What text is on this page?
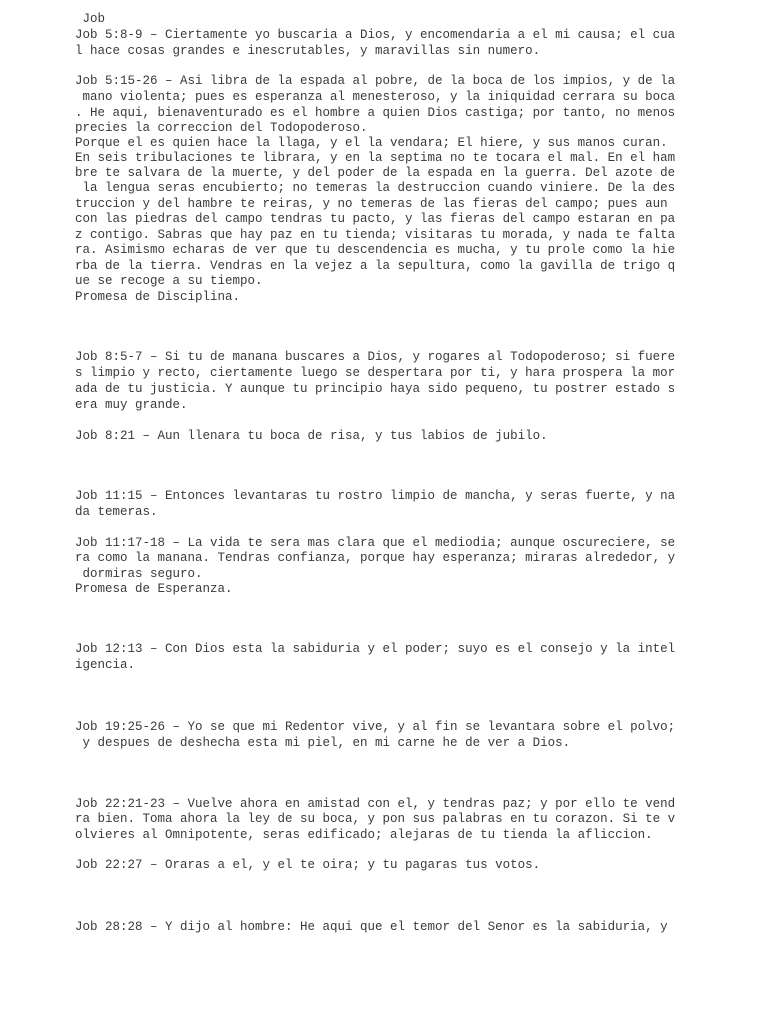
Job
Job 5:8-9 – Ciertamente yo buscaria a Dios, y encomendaria a el mi causa; el cua
l hace cosas grandes e inescrutables, y maravillas sin numero.
Job 5:15-26 – Asi libra de la espada al pobre, de la boca de los impios, y de la
mano violenta; pues es esperanza al menesteroso, y la iniquidad cerrara su boca
. He aqui, bienaventurado es el hombre a quien Dios castiga; por tanto, no menos
precies la correccion del Todopoderoso.
Porque el es quien hace la llaga, y el la vendara; El hiere, y sus manos curan.
En seis tribulaciones te librara, y en la septima no te tocara el mal. En el ham
bre te salvara de la muerte, y del poder de la espada en la guerra. Del azote de
la lengua seras encubierto; no temeras la destruccion cuando viniere. De la des
truccion y del hambre te reiras, y no temeras de las fieras del campo; pues aun
con las piedras del campo tendras tu pacto, y las fieras del campo estaran en pa
z contigo. Sabras que hay paz en tu tienda; visitaras tu morada, y nada te falta
ra. Asimismo echaras de ver que tu descendencia es mucha, y tu prole como la hie
rba de la tierra. Vendras en la vejez a la sepultura, como la gavilla de trigo q
ue se recoge a su tiempo.
Promesa de Disciplina.
Job 8:5-7 – Si tu de manana buscares a Dios, y rogares al Todopoderoso; si fuere
s limpio y recto, ciertamente luego se despertara por ti, y hara prospera la mor
ada de tu justicia. Y aunque tu principio haya sido pequeno, tu postrer estado s
era muy grande.
Job 8:21 – Aun llenara tu boca de risa, y tus labios de jubilo.
Job 11:15 – Entonces levantaras tu rostro limpio de mancha, y seras fuerte, y na
da temeras.
Job 11:17-18 – La vida te sera mas clara que el mediodia; aunque oscureciere, se
ra como la manana. Tendras confianza, porque hay esperanza; miraras alrededor, y
dormiras seguro.
Promesa de Esperanza.
Job 12:13 – Con Dios esta la sabiduria y el poder; suyo es el consejo y la intel
igencia.
Job 19:25-26 – Yo se que mi Redentor vive, y al fin se levantara sobre el polvo;
y despues de deshecha esta mi piel, en mi carne he de ver a Dios.
Job 22:21-23 – Vuelve ahora en amistad con el, y tendras paz; y por ello te vend
ra bien. Toma ahora la ley de su boca, y pon sus palabras en tu corazon. Si te v
olvieres al Omnipotente, seras edificado; alejaras de tu tienda la afliccion.
Job 22:27 – Oraras a el, y el te oira; y tu pagaras tus votos.
Job 28:28 – Y dijo al hombre: He aqui que el temor del Senor es la sabiduria, y
